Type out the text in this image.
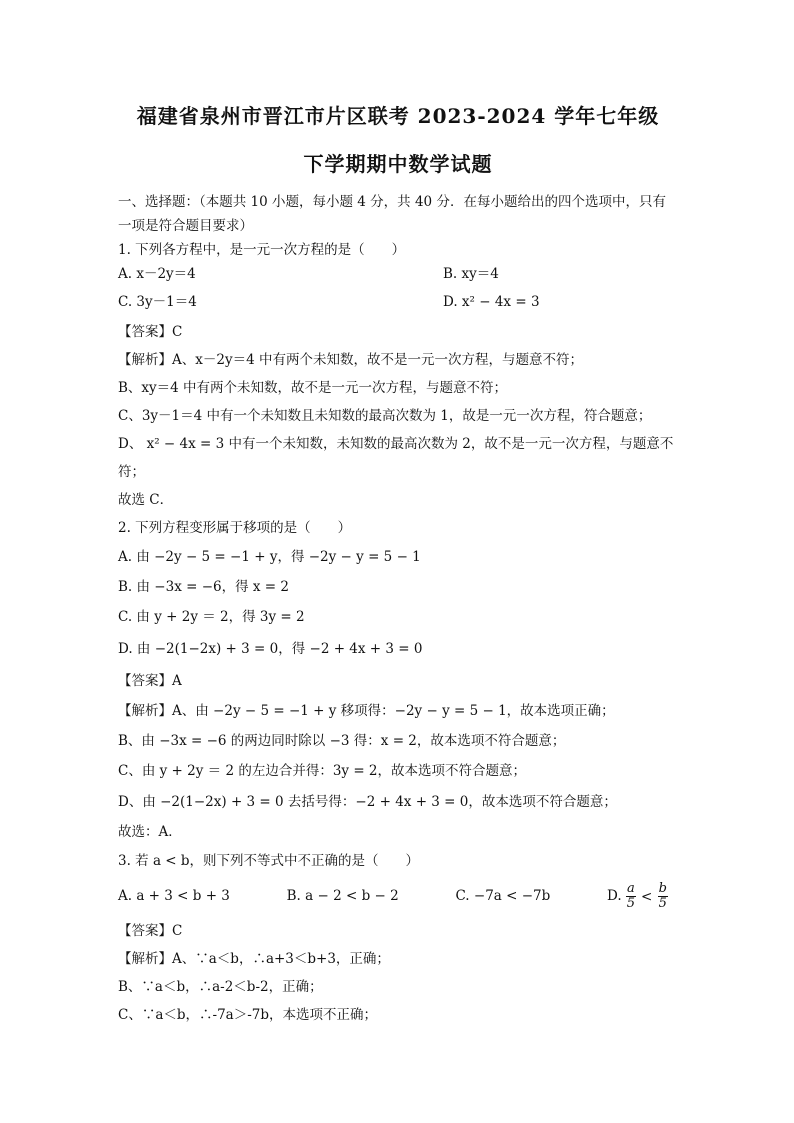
福建省泉州市晋江市片区联考 2023-2024 学年七年级
下学期期中数学试题
一、选择题：（本题共 10 小题，每小题 4 分，共 40 分．在每小题给出的四个选项中，只有一项是符合题目要求）
1. 下列各方程中，是一元一次方程的是（　　）
A. x－2y＝4	B. xy＝4
C. 3y－1＝4	D. x² − 4x = 3
【答案】C
【解析】A、x－2y＝4 中有两个未知数，故不是一元一次方程，与题意不符；
B、xy＝4 中有两个未知数，故不是一元一次方程，与题意不符；
C、3y－1＝4 中有一个未知数且未知数的最高次数为 1，故是一元一次方程，符合题意；
D、 x² − 4x = 3 中有一个未知数，未知数的最高次数为 2，故不是一元一次方程，与题意不符；
故选 C．
2. 下列方程变形属于移项的是（　　）
A. 由 −2y − 5 = −1 + y，得 −2y − y = 5 − 1
B. 由 −3x = −6，得 x = 2
C. 由 y + 2y ＝ 2，得 3y = 2
D. 由 −2(1−2x) + 3 = 0，得 −2 + 4x + 3 = 0
【答案】A
【解析】A、由 −2y − 5 = −1 + y 移项得：−2y − y = 5 − 1，故本选项正确；
B、由 −3x = −6 的两边同时除以 −3 得：x = 2，故本选项不符合题意；
C、由 y + 2y ＝ 2 的左边合并得：3y = 2，故本选项不符合题意；
D、由 −2(1−2x) + 3 = 0 去括号得：−2 + 4x + 3 = 0，故本选项不符合题意；
故选：A．
3. 若 a < b，则下列不等式中不正确的是（　　）
A. a + 3 < b + 3	B. a − 2 < b − 2	C. −7a < −7b	D. $\frac{a}{5} < \frac{b}{5}$
【答案】C
【解析】A、∵a＜b，∴a+3＜b+3，正确；
B、∵a＜b，∴a-2＜b-2，正确；
C、∵a＜b，∴-7a＞-7b，本选项不正确；
